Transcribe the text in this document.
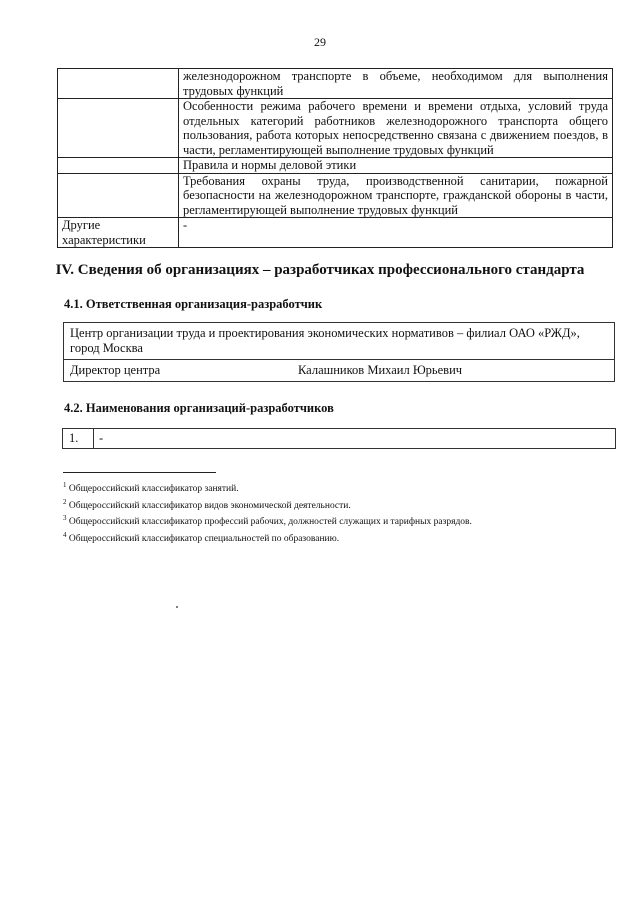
29
	железнодорожном транспорте в объеме, необходимом для выполнения трудовых функций
	Особенности режима рабочего времени и времени отдыха, условий труда отдельных категорий работников железнодорожного транспорта общего пользования, работа которых непосредственно связана с движением поездов, в части, регламентирующей выполнение трудовых функций
	Правила и нормы деловой этики
	Требования охраны труда, производственной санитарии, пожарной безопасности на железнодорожном транспорте, гражданской обороны в части, регламентирующей выполнение трудовых функций
Другие характеристики	-
IV. Сведения об организациях – разработчиках профессионального стандарта
4.1. Ответственная организация-разработчик
Центр организации труда и проектирования экономических нормативов – филиал ОАО «РЖД», город Москва
Директор центра	Калашников Михаил Юрьевич
4.2. Наименования организаций-разработчиков
1. -
$^1$ Общероссийский классификатор занятий.
$^2$ Общероссийский классификатор видов экономической деятельности.
$^3$ Общероссийский классификатор профессий рабочих, должностей служащих и тарифных разрядов.
$^4$ Общероссийский классификатор специальностей по образованию.
